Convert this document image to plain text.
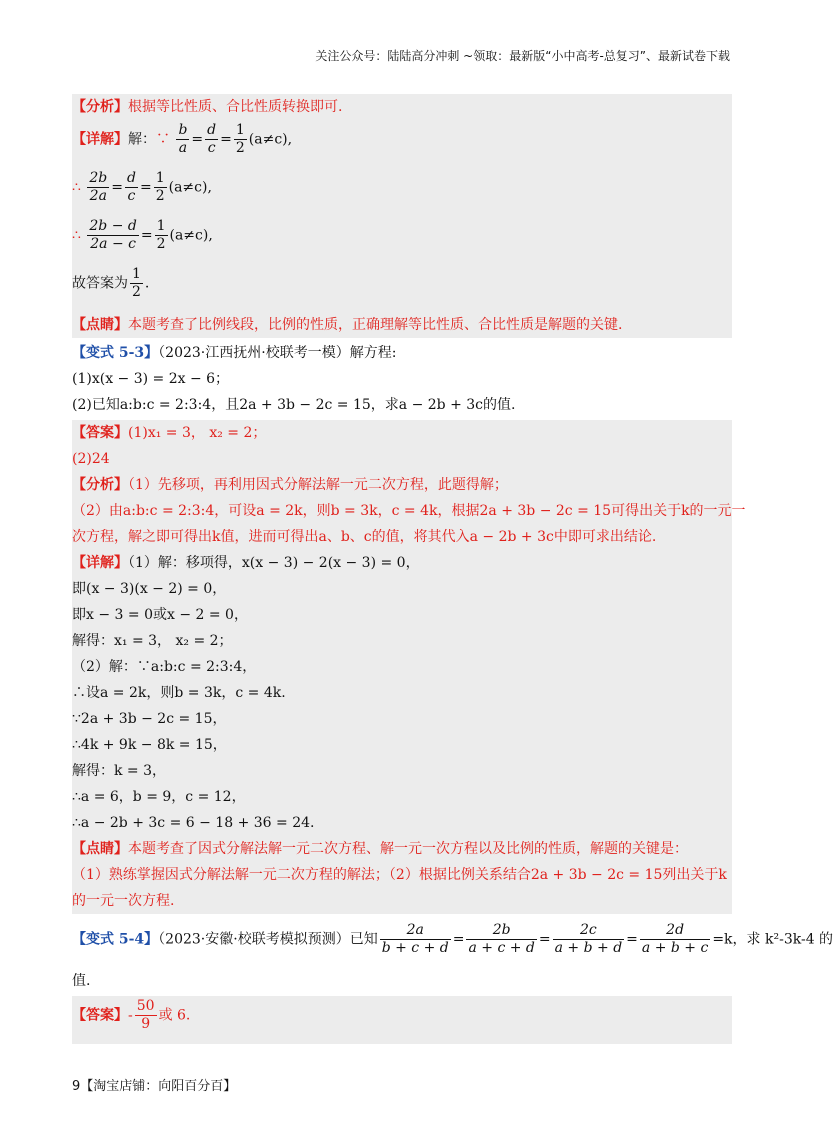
关注公众号：陆陆高分冲刺 ~领取：最新版“小中高考-总复习”、最新试卷下载
【分析】根据等比性质、合比性质转换即可.
【详解】解：∵ $\frac{b}{a} = \frac{d}{c} = \frac{1}{2} (a\ne c)$,
∴ $\frac{2b}{2a} = \frac{d}{c} = \frac{1}{2} (a\ne c)$,
∴ $\frac{2b - d}{2a - c} = \frac{1}{2} (a\ne c)$,
故答案为 $\frac{1}{2}$ .
【点睛】本题考查了比例线段，比例的性质，正确理解等比性质、合比性质是解题的关键.
【变式 5-3】（2023·江西抚州·校联考一模）解方程:
(1)x(x − 3) = 2x − 6；
(2)已知a:b:c = 2:3:4，且2a + 3b − 2c = 15，求a − 2b + 3c的值.
【答案】(1)x₁ = 3， x₂ = 2；
(2)24
【分析】（1）先移项，再利用因式分解法解一元二次方程，此题得解；
（2）由a:b:c = 2:3:4，可设a = 2k，则b = 3k，c = 4k，根据2a + 3b − 2c = 15可得出关于k的一元一
次方程，解之即可得出k值，进而可得出a、b、c的值，将其代入a − 2b + 3c中即可求出结论.
【详解】（1）解：移项得，x(x − 3) − 2(x − 3) = 0，
即(x − 3)(x − 2) = 0，
即x − 3 = 0或x − 2 = 0，
解得：x₁ = 3， x₂ = 2；
（2）解：∵a:b:c = 2:3:4，
∴设a = 2k，则b = 3k，c = 4k.
∵2a + 3b − 2c = 15，
∴4k + 9k − 8k = 15，
解得：k = 3，
∴a = 6，b = 9，c = 12，
∴a − 2b + 3c = 6 − 18 + 36 = 24.
【点睛】本题考查了因式分解法解一元二次方程、解一元一次方程以及比例的性质，解题的关键是：
（1）熟练掌握因式分解法解一元二次方程的解法；（2）根据比例关系结合2a + 3b − 2c = 15列出关于k
的一元一次方程.
【变式 5-4】（2023·安徽·校联考模拟预测）已知 $\frac{2a}{b + c + d} = \frac{2b}{a + c + d} = \frac{2c}{a + b + d} = \frac{2d}{a + b + c} =k$，求 k²-3k-4 的
值.
【答案】- $\frac{50}{9}$ 或 6.
9【淘宝店铺：向阳百分百】
